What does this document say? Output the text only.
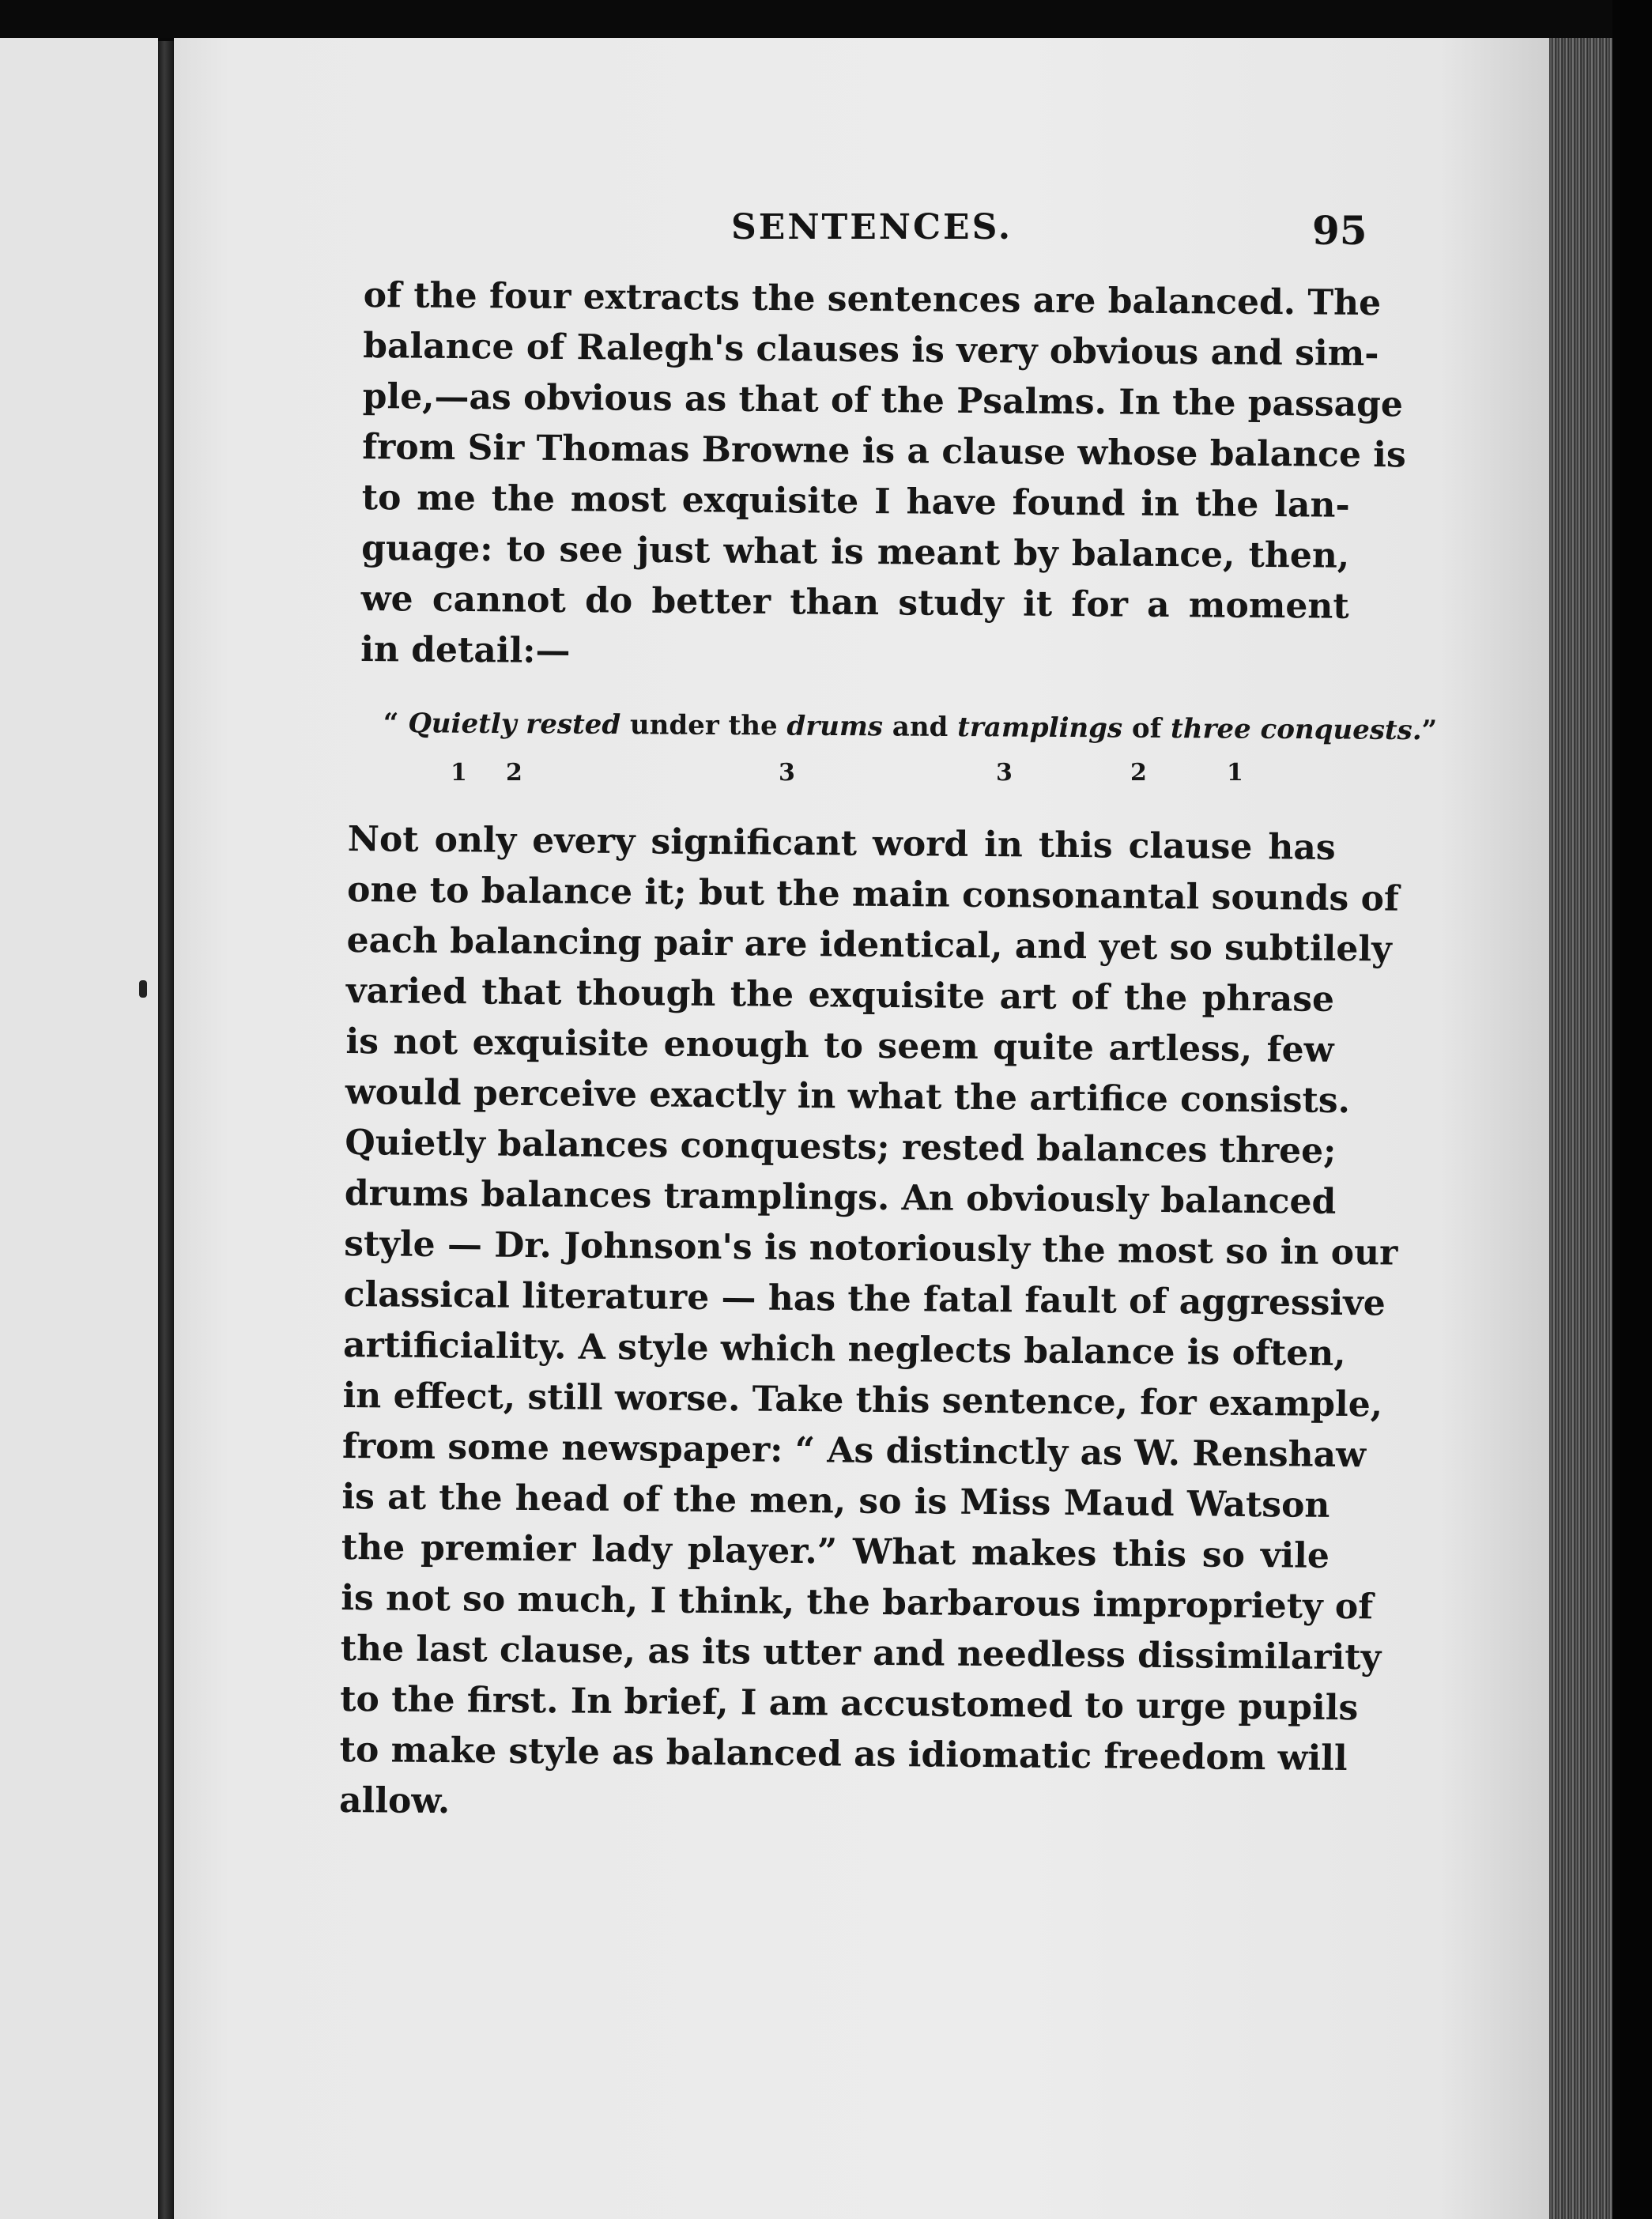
SENTENCES.	95
of the four extracts the sentences are balanced. The
balance of Ralegh's clauses is very obvious and sim-
ple,—as obvious as that of the Psalms. In the passage
from Sir Thomas Browne is a clause whose balance is
to me the most exquisite I have found in the lan-
guage: to see just what is meant by balance, then,
we cannot do better than study it for a moment
in detail:—
“ Quietly rested under the drums and tramplings of three conquests.”
1 2	3	3	2	1
Not only every significant word in this clause has
one to balance it; but the main consonantal sounds of
each balancing pair are identical, and yet so subtilely
varied that though the exquisite art of the phrase
is not exquisite enough to seem quite artless, few
would perceive exactly in what the artifice consists.
Quietly balances conquests; rested balances three;
drums balances tramplings. An obviously balanced
style — Dr. Johnson's is notoriously the most so in our
classical literature — has the fatal fault of aggressive
artificiality. A style which neglects balance is often,
in effect, still worse. Take this sentence, for example,
from some newspaper: “ As distinctly as W. Renshaw
is at the head of the men, so is Miss Maud Watson
the premier lady player.” What makes this so vile
is not so much, I think, the barbarous impropriety of
the last clause, as its utter and needless dissimilarity
to the first. In brief, I am accustomed to urge pupils
to make style as balanced as idiomatic freedom will
allow.
